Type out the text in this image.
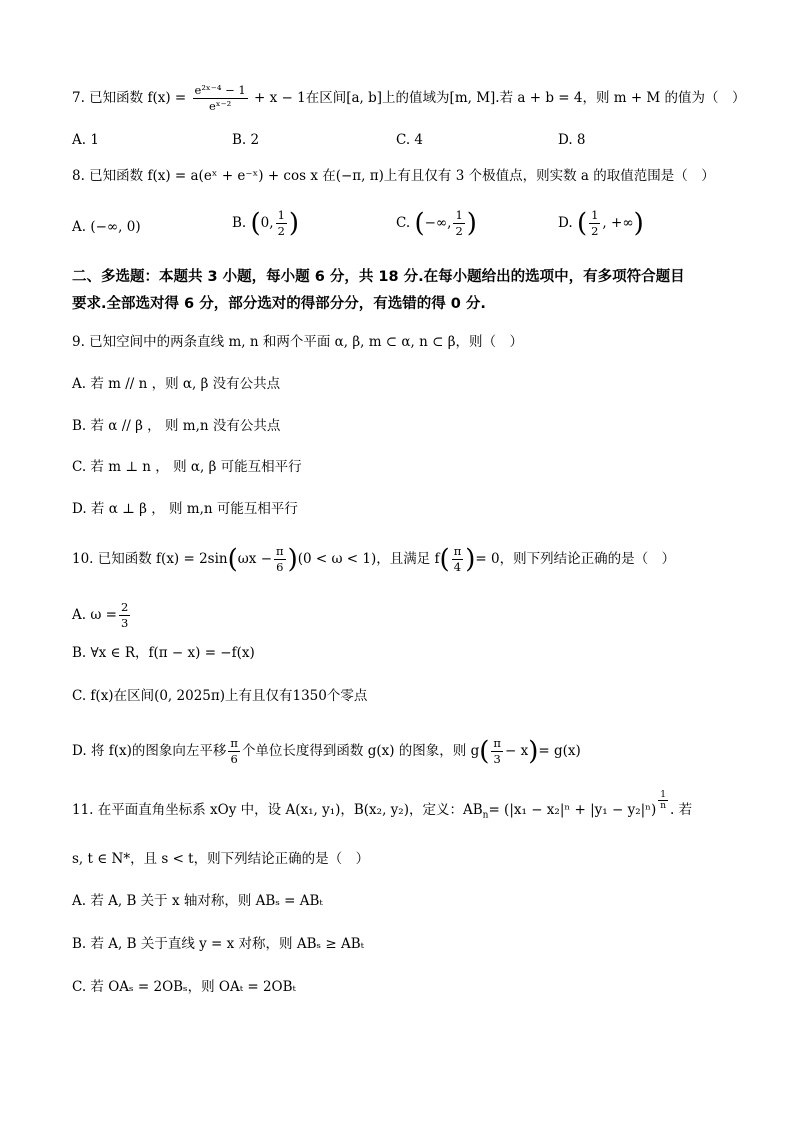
7. 已知函数 $f(x) = \frac{\text{e²ˣ⁻⁴ − 1}}{\text{eˣ⁻²}} + x - 1$在区间[a, b]上的值域为[m, M].若 a + b = 4，则 m + M 的值为（　）
A. 1	B. 2	C. 4	D. 8
8. 已知函数 f(x) = a(eˣ + e⁻ˣ) + cos x 在(−π, π)上有且仅有 3 个极值点，则实数 a 的取值范围是（　）
A. (−∞, 0)	B. (0, $\frac{1}{2}$ )	C. (−∞, $\frac{1}{2}$ )	D. ( $\frac{1}{2}$ , +∞)
二、多选题：本题共 3 小题，每小题 6 分，共 18 分.在每小题给出的选项中，有多项符合题目
要求.全部选对得 6 分，部分选对的得部分分，有选错的得 0 分.
9. 已知空间中的两条直线 m, n 和两个平面 α, β, m ⊂ α, n ⊂ β，则（　）
A. 若 m // n ，则 α, β 没有公共点
B. 若 α // β ， 则 m,n 没有公共点
C. 若 m ⊥ n ， 则 α, β 可能互相平行
D. 若 α ⊥ β ， 则 m,n 可能互相平行
10. 已知函数 $f(x) = 2\sin(\omega x - \frac{\pi}{6} )(0 < \omega < 1)$，且满足 $f( \frac{\pi}{4}$ )= 0，则下列结论正确的是（　）
A. $\omega = \frac{2}{3}$
B. ∀x ∈ R，f(π − x) = −f(x)
C. f(x)在区间(0, 2025π)上有且仅有1350个零点
D. 将 f(x)的图象向左平移 $\frac{\pi}{6}$ 个单位长度得到函数 g(x) 的图象，则 $g( \frac{\pi}{3} - x)= g(x)$
11. 在平面直角坐标系 xOy 中，设 A(x₁, y₁)，B(x₂, y₂)，定义：$AB_n= (|x_1 - x_2|^n + |y_1 - y_2|^n) \frac{1}{n}$ . 若
s, t ∈ N*，且 s < t，则下列结论正确的是（　）
A. 若 A, B 关于 x 轴对称，则 ABₛ = ABₜ
B. 若 A, B 关于直线 y = x 对称，则 ABₛ ≥ ABₜ
C. 若 OAₛ = 2OBₛ，则 OAₜ = 2OBₜ
